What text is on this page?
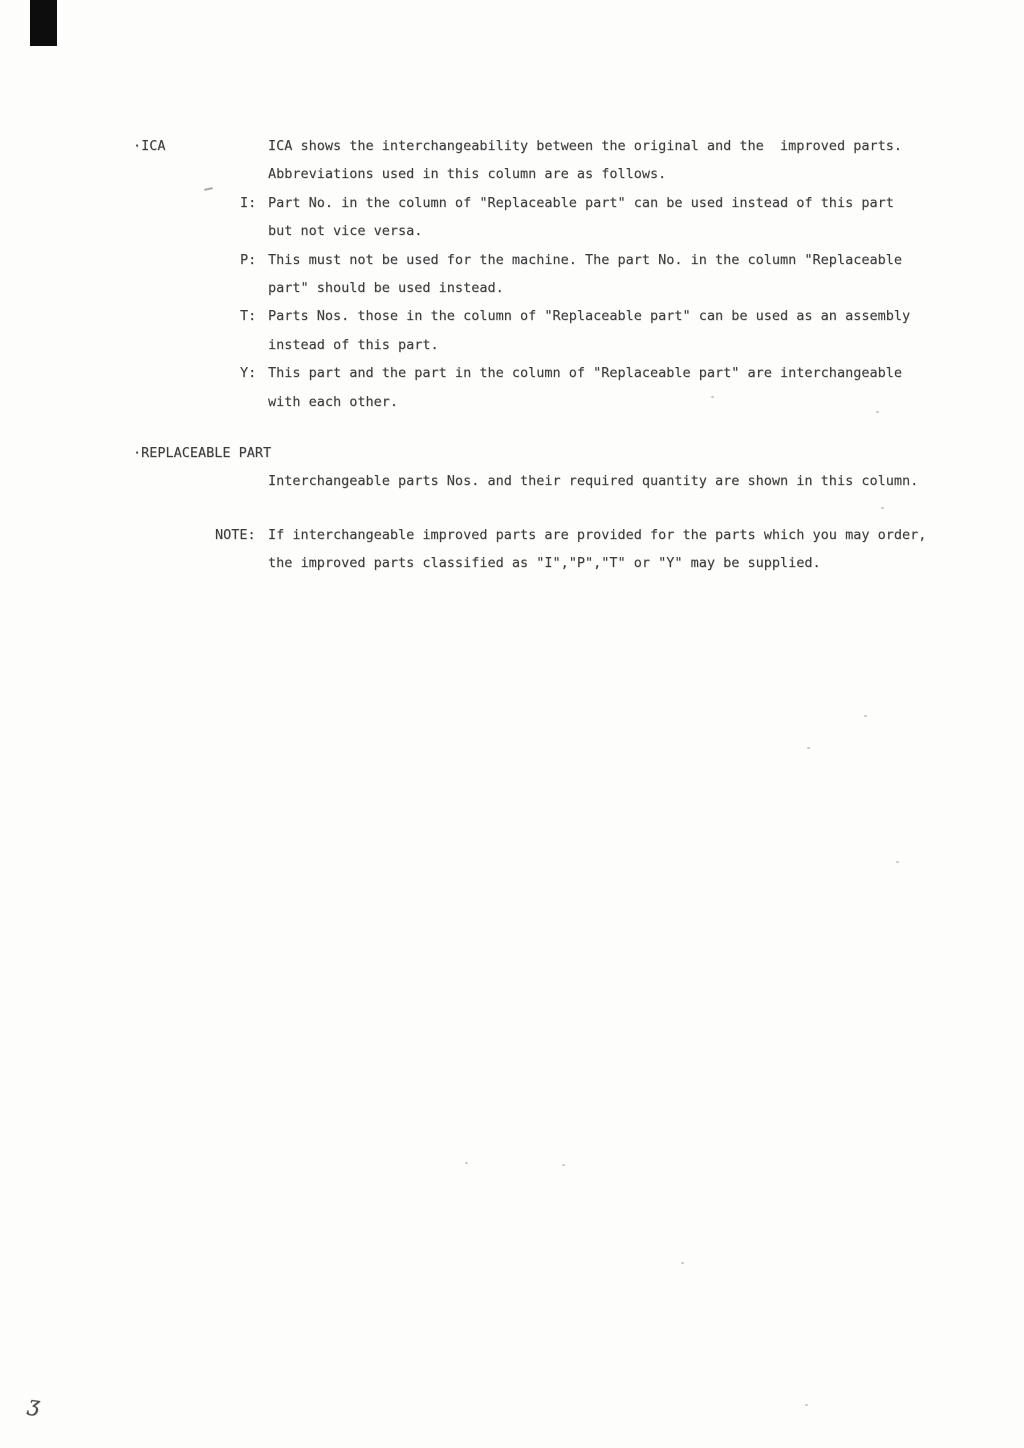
·ICA	ICA shows the interchangeability between the original and the  improved parts.
Abbreviations used in this column are as follows.
I: Part No. in the column of "Replaceable part" can be used instead of this part
but not vice versa.
P: This must not be used for the machine. The part No. in the column "Replaceable
part" should be used instead.
T: Parts Nos. those in the column of "Replaceable part" can be used as an assembly
instead of this part.
Y: This part and the part in the column of "Replaceable part" are interchangeable
with each other.
·REPLACEABLE PART
Interchangeable parts Nos. and their required quantity are shown in this column.
NOTE: If interchangeable improved parts are provided for the parts which you may order,
the improved parts classified as "I","P","T" or "Y" may be supplied.
ʒ
